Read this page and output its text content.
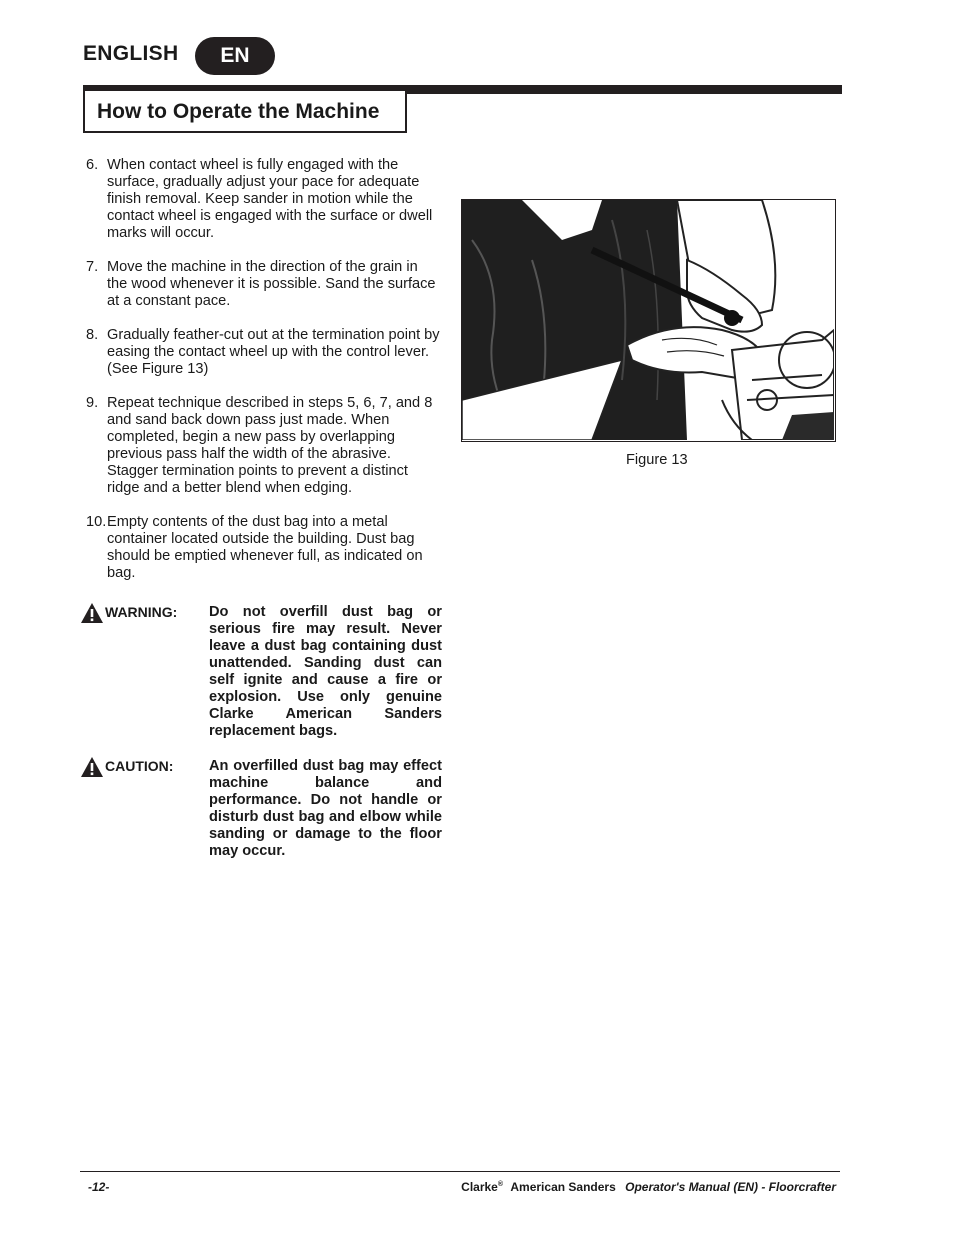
ENGLISH	EN
How to Operate the Machine
6. When contact wheel is fully engaged with the surface, gradually adjust your pace for adequate finish removal. Keep sander in motion while the contact wheel is engaged with the surface or dwell marks will occur.
7. Move the machine in the direction of the grain in the wood whenever it is possible. Sand the surface at a constant pace.
8. Gradually feather-cut out at the termination point by easing the contact wheel up with the control lever. (See Figure 13)
9. Repeat technique described in steps 5, 6, 7, and 8 and sand back down pass just made. When completed, begin a new pass by overlapping previous pass half the width of the abrasive. Stagger termination points to prevent a distinct ridge and a better blend when edging.
10. Empty contents of the dust bag into a metal container located outside the building. Dust bag should be emptied whenever full, as indicated on bag.
WARNING: Do not overfill dust bag or serious fire may result. Never leave a dust bag containing dust unattended. Sanding dust can self ignite and cause a fire or explosion. Use only genuine Clarke American Sanders replacement bags.
CAUTION: An overfilled dust bag may effect machine balance and performance. Do not handle or disturb dust bag and elbow while sanding or damage to the floor may occur.
Figure 13
-12-	Clarke® American Sanders Operator's Manual (EN) - Floorcrafter
